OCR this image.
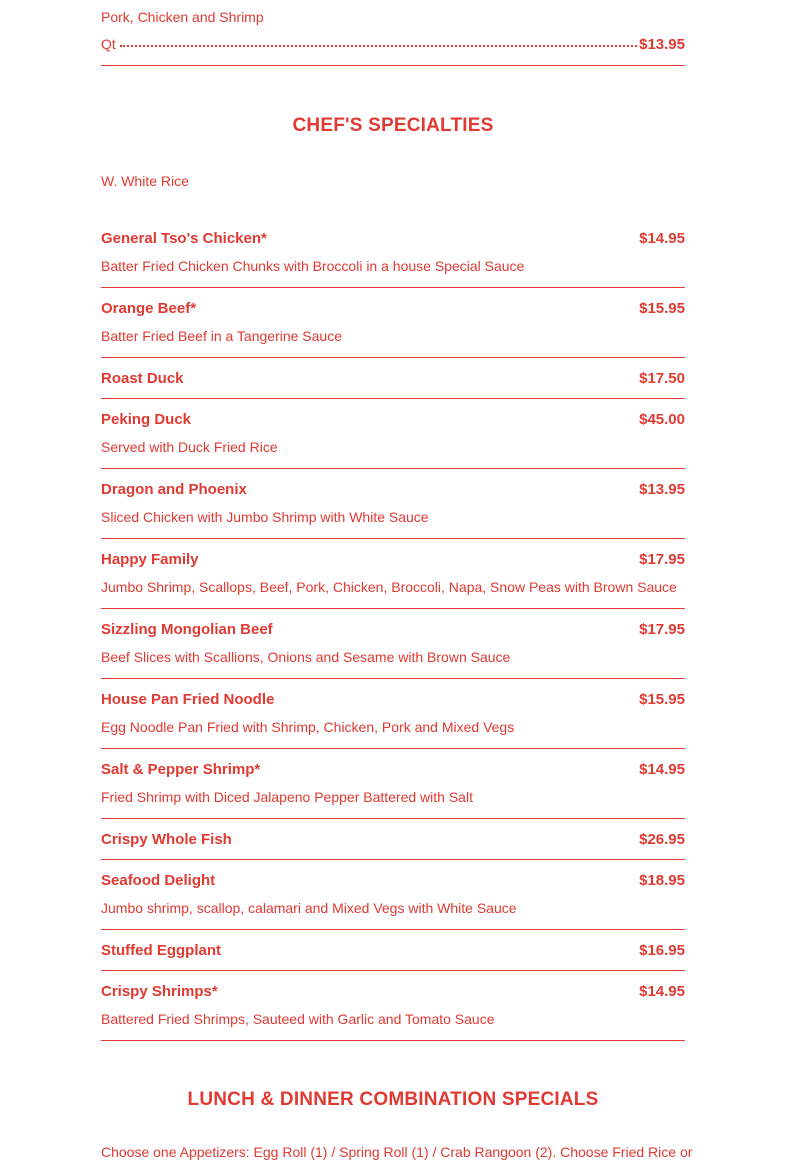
Pork, Chicken and Shrimp
Qt	$13.95
CHEF'S SPECIALTIES
W. White Rice
General Tso's Chicken*	$14.95
Batter Fried Chicken Chunks with Broccoli in a house Special Sauce
Orange Beef*	$15.95
Batter Fried Beef in a Tangerine Sauce
Roast Duck	$17.50
Peking Duck	$45.00
Served with Duck Fried Rice
Dragon and Phoenix	$13.95
Sliced Chicken with Jumbo Shrimp with White Sauce
Happy Family	$17.95
Jumbo Shrimp, Scallops, Beef, Pork, Chicken, Broccoli, Napa, Snow Peas with Brown Sauce
Sizzling Mongolian Beef	$17.95
Beef Slices with Scallions, Onions and Sesame with Brown Sauce
House Pan Fried Noodle	$15.95
Egg Noodle Pan Fried with Shrimp, Chicken, Pork and Mixed Vegs
Salt & Pepper Shrimp*	$14.95
Fried Shrimp with Diced Jalapeno Pepper Battered with Salt
Crispy Whole Fish	$26.95
Seafood Delight	$18.95
Jumbo shrimp, scallop, calamari and Mixed Vegs with White Sauce
Stuffed Eggplant	$16.95
Crispy Shrimps*	$14.95
Battered Fried Shrimps, Sauteed with Garlic and Tomato Sauce
LUNCH & DINNER COMBINATION SPECIALS
Choose one Appetizers: Egg Roll (1) / Spring Roll (1) / Crab Rangoon (2). Choose Fried Rice or
